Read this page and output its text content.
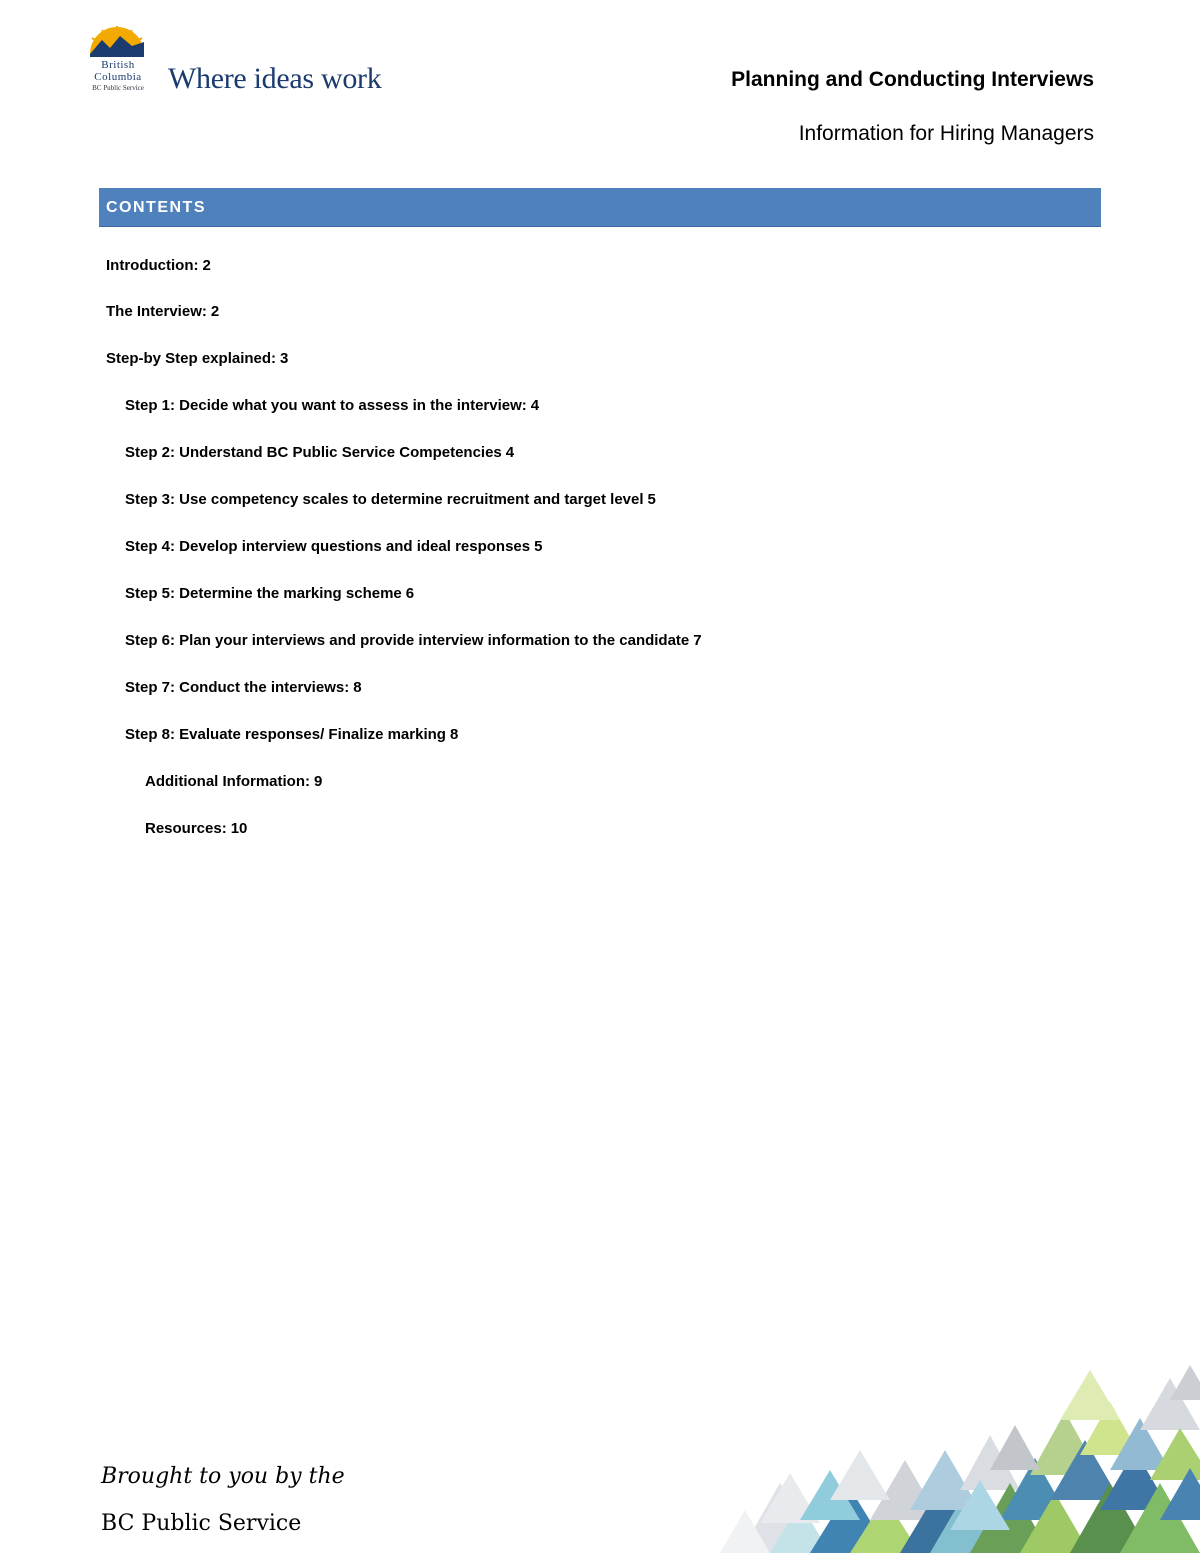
British
Columbia
BC Public Service Where ideas work	Planning and Conducting Interviews
Information for Hiring Managers
CONTENTS
Introduction: 2
The Interview: 2
Step-by Step explained: 3
Step 1: Decide what you want to assess in the interview: 4
Step 2: Understand BC Public Service Competencies 4
Step 3: Use competency scales to determine recruitment and target level 5
Step 4: Develop interview questions and ideal responses 5
Step 5: Determine the marking scheme 6
Step 6: Plan your interviews and provide interview information to the candidate 7
Step 7: Conduct the interviews: 8
Step 8: Evaluate responses/ Finalize marking 8
Additional Information: 9
Resources: 10
Brought to you by the
BC Public Service
